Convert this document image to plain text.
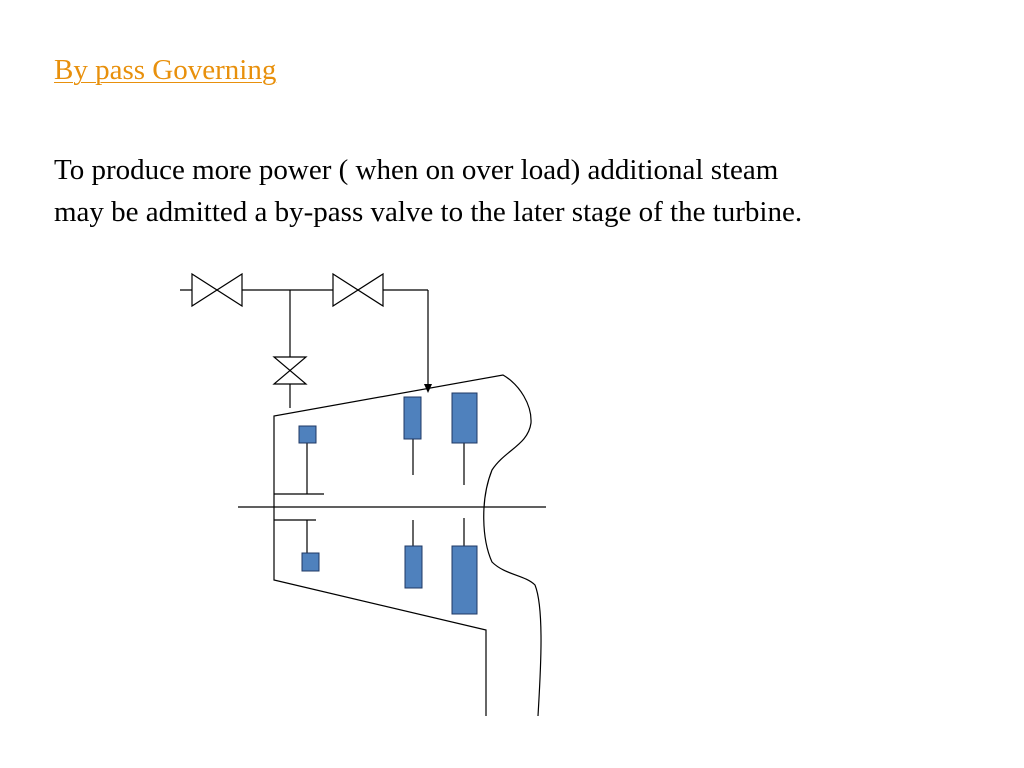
By pass Governing

To produce more power ( when on over load) additional steam
may be admitted a by-pass valve to the later stage of the turbine.
